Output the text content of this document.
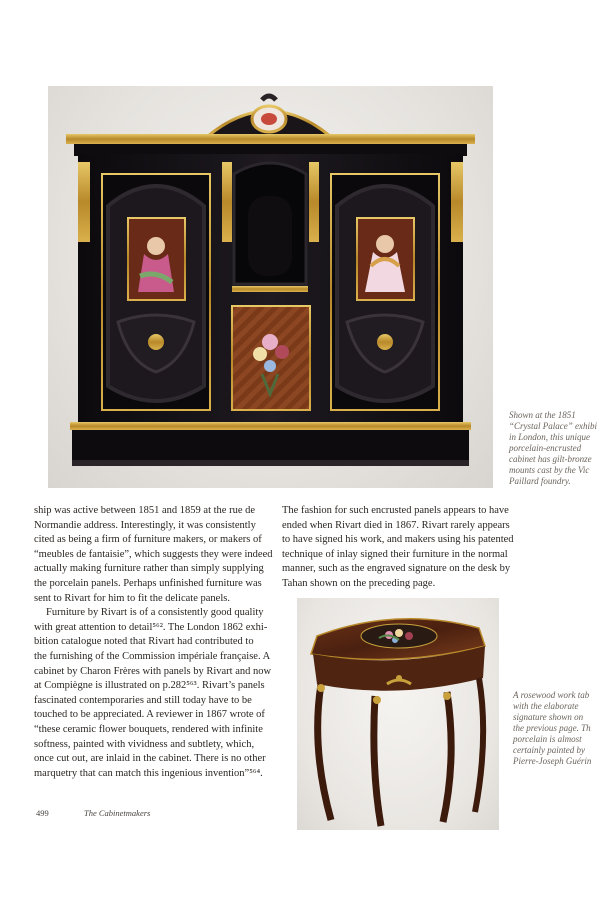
Shown at the 1851
“Crystal Palace” exhibi
in London, this unique
porcelain-encrusted
cabinet has gilt-bronze
mounts cast by the Vic
Paillard foundry.

ship was active between 1851 and 1859 at the rue de
Normandie address. Interestingly, it was consistently
cited as being a firm of furniture makers, or makers of
“meubles de fantaisie”, which suggests they were indeed
actually making furniture rather than simply supplying
the porcelain panels. Perhaps unfinished furniture was
sent to Rivart for him to fit the delicate panels.

Furniture by Rivart is of a consistently good quality
with great attention to detail⁵⁶². The London 1862 exhi-
bition catalogue noted that Rivart had contributed to
the furnishing of the Commission impériale française. A
cabinet by Charon Frères with panels by Rivart and now
at Compiègne is illustrated on p.282⁵⁶³. Rivart’s panels
fascinated contemporaries and still today have to be
touched to be appreciated. A reviewer in 1867 wrote of
“these ceramic flower bouquets, rendered with infinite
softness, painted with vividness and subtlety, which,
once cut out, are inlaid in the cabinet. There is no other
marquetry that can match this ingenious invention”⁵⁶⁴.

The fashion for such encrusted panels appears to have
ended when Rivart died in 1867. Rivart rarely appears
to have signed his work, and makers using his patented
technique of inlay signed their furniture in the normal
manner, such as the engraved signature on the desk by
Tahan shown on the preceding page.

A rosewood work tab
with the elaborate
signature shown on
the previous page. Th
porcelain is almost
certainly painted by
Pierre-Joseph Guérin
499	The Cabinetmakers
